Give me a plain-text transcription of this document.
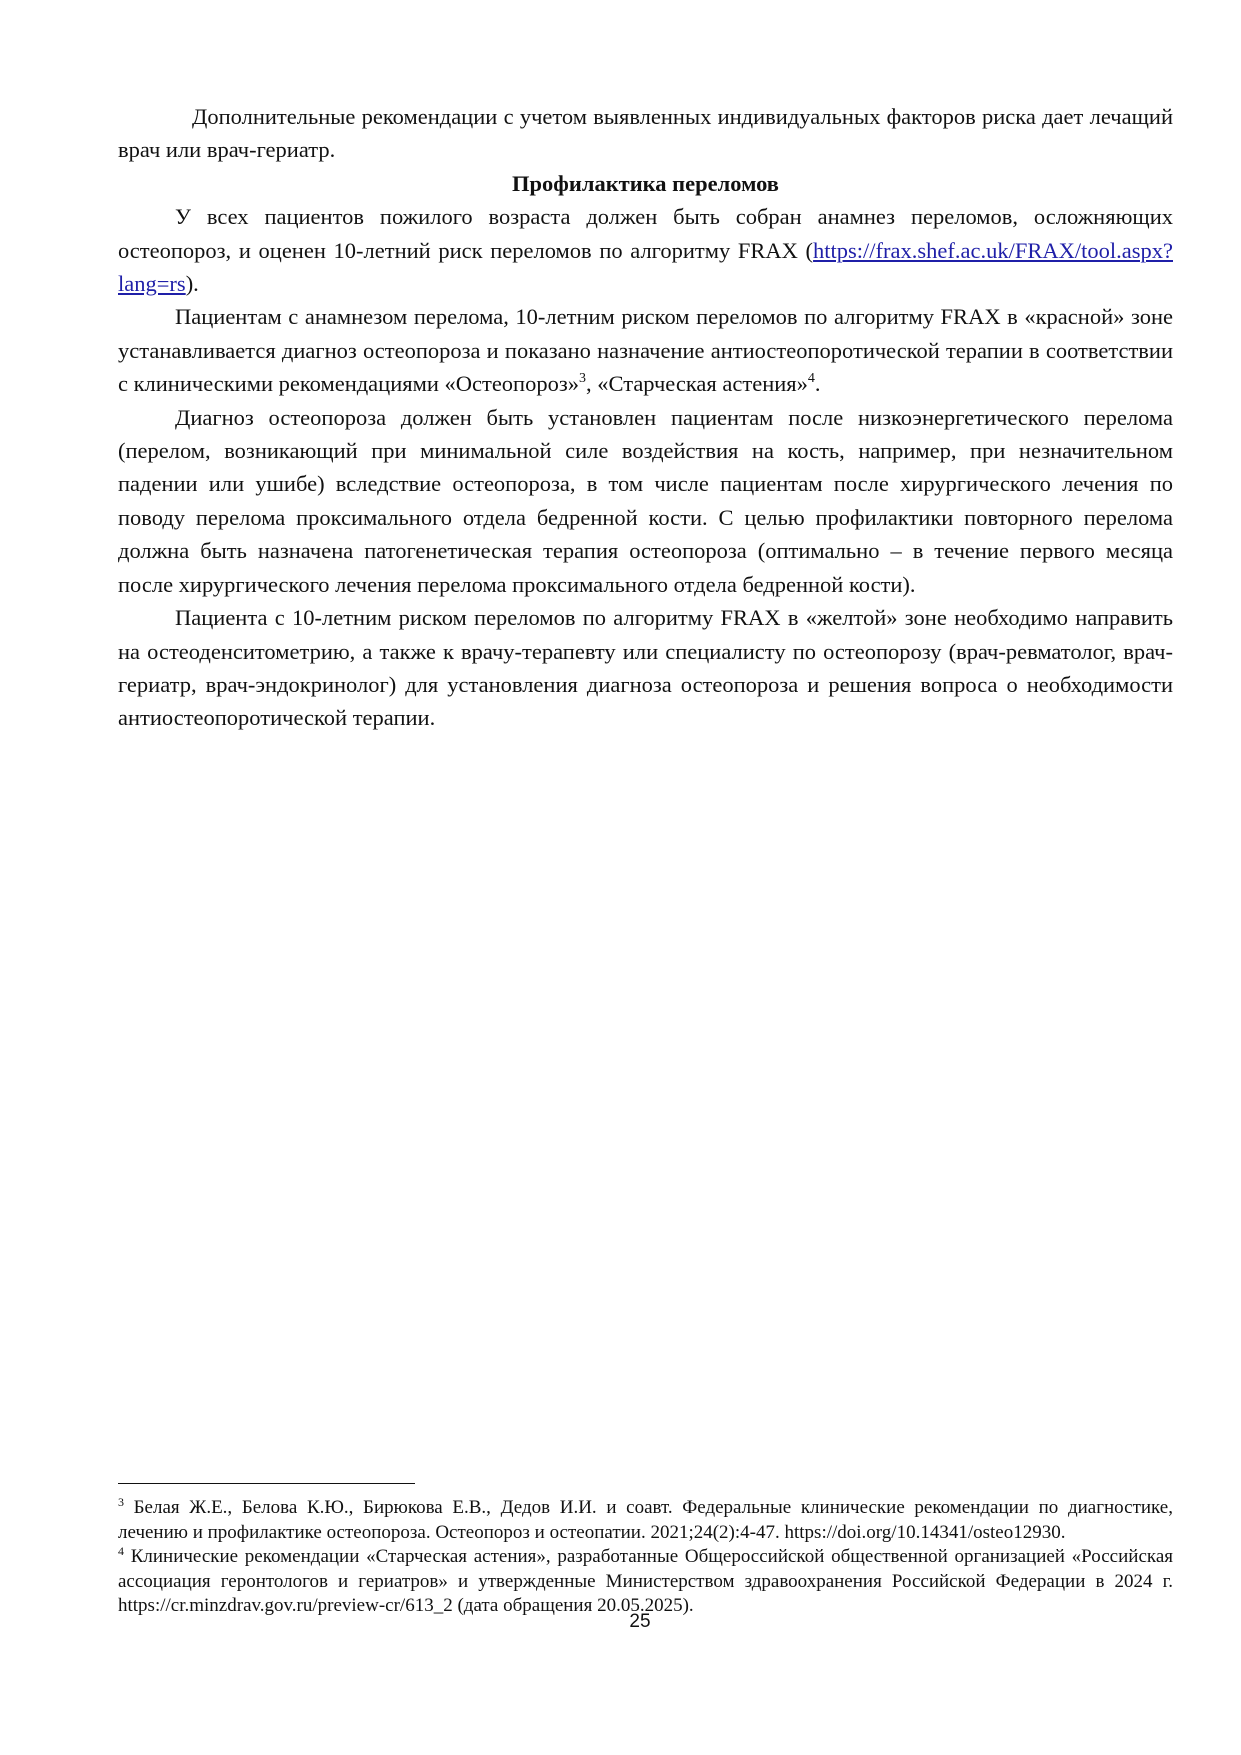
Дополнительные рекомендации с учетом выявленных индивидуальных факторов риска дает лечащий врач или врач-гериатр.

Профилактика переломов

У всех пациентов пожилого возраста должен быть собран анамнез переломов, осложняющих остеопороз, и оценен 10-летний риск переломов по алгоритму FRAX (https://frax.shef.ac.uk/FRAX/tool.aspx?lang=rs).

Пациентам с анамнезом перелома, 10-летним риском переломов по алгоритму FRAX в «красной» зоне устанавливается диагноз остеопороза и показано назначение антиостеопоротической терапии в соответствии с клиническими рекомендациями «Остеопороз»$^3$, «Старческая астения»$^4$.

Диагноз остеопороза должен быть установлен пациентам после низкоэнергетического перелома (перелом, возникающий при минимальной силе воздействия на кость, например, при незначительном падении или ушибе) вследствие остеопороза, в том числе пациентам после хирургического лечения по поводу перелома проксимального отдела бедренной кости. С целью профилактики повторного перелома должна быть назначена патогенетическая терапия остеопороза (оптимально – в течение первого месяца после хирургического лечения перелома проксимального отдела бедренной кости).

Пациента с 10-летним риском переломов по алгоритму FRAX в «желтой» зоне необходимо направить на остеоденситометрию, а также к врачу-терапевту или специалисту по остеопорозу (врач-ревматолог, врач-гериатр, врач-эндокринолог) для установления диагноза остеопороза и решения вопроса о необходимости антиостеопоротической терапии.

$^3$ Белая Ж.Е., Белова К.Ю., Бирюкова Е.В., Дедов И.И. и соавт. Федеральные клинические рекомендации по диагностике, лечению и профилактике остеопороза. Остеопороз и остеопатии. 2021;24(2):4-47. https://doi.org/10.14341/osteo12930.

$^4$ Клинические рекомендации «Старческая астения», разработанные Общероссийской общественной организацией «Российская ассоциация геронтологов и гериатров» и утвержденные Министерством здравоохранения Российской Федерации в 2024 г. https://cr.minzdrav.gov.ru/preview-cr/613_2 (дата обращения 20.05.2025).

25
